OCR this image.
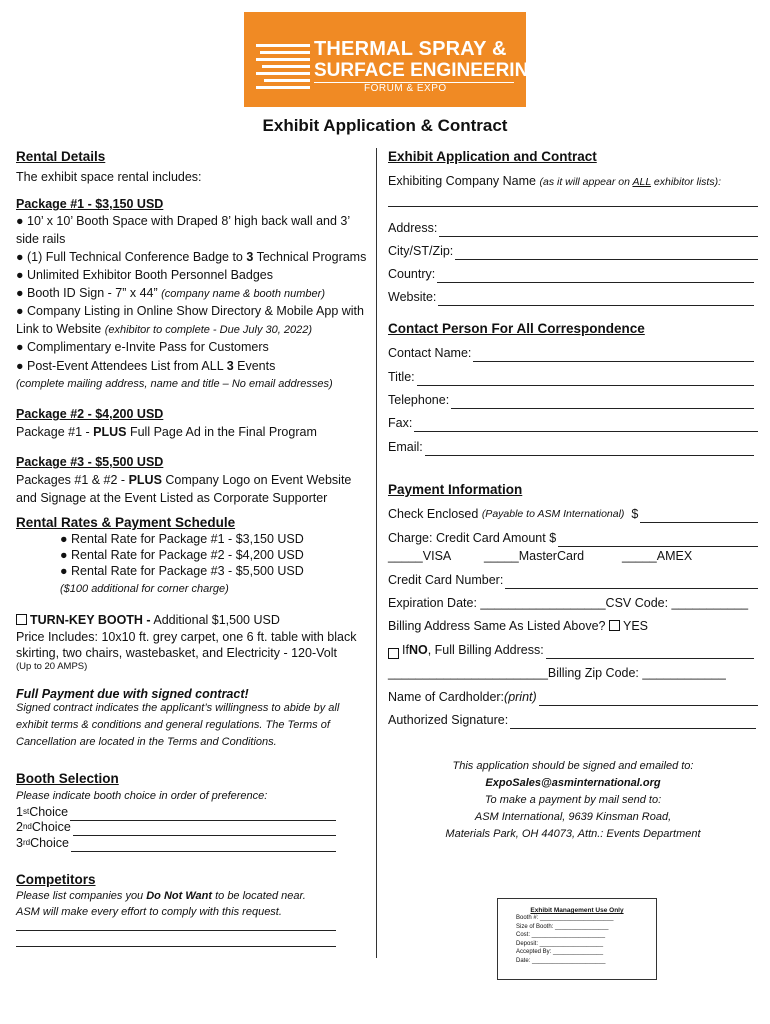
THERMAL SPRAY &
SURFACE ENGINEERING
FORUM & EXPO
Exhibit Application & Contract
Rental Details
The exhibit space rental includes:
Package #1 - $3,150 USD
● 10’ x 10’ Booth Space with Draped 8’ high back wall and 3’
side rails
● (1) Full Technical Conference Badge to 3 Technical Programs
● Unlimited Exhibitor Booth Personnel Badges
● Booth ID Sign - 7” x 44” (company name & booth number)
● Company Listing in Online Show Directory & Mobile App with
Link to Website (exhibitor to complete - Due July 30, 2022)
● Complimentary e-Invite Pass for Customers
● Post-Event Attendees List from ALL 3 Events
(complete mailing address, name and title – No email addresses)
Package #2 - $4,200 USD
Package #1 - PLUS Full Page Ad in the Final Program
Package #3 - $5,500 USD
Packages #1 & #2 - PLUS Company Logo on Event Website
and Signage at the Event Listed as Corporate Supporter
Rental Rates & Payment Schedule
● Rental Rate for Package #1 - $3,150 USD
● Rental Rate for Package #2 - $4,200 USD
● Rental Rate for Package #3 - $5,500 USD
($100 additional for corner charge)
TURN-KEY BOOTH - Additional $1,500 USD
Price Includes: 10x10 ft. grey carpet, one 6 ft. table with black
skirting, two chairs, wastebasket, and Electricity - 120-Volt
(Up to 20 AMPS)
Full Payment due with signed contract!
Signed contract indicates the applicant’s willingness to abide by all
exhibit terms & conditions and general regulations. The Terms of
Cancellation are located in the Terms and Conditions.
Booth Selection
Please indicate booth choice in order of preference:
1 st Choice
2 nd Choice
3 rd Choice
Competitors
Please list companies you Do Not Want to be located near.
ASM will make every effort to comply with this request.
Exhibit Application and Contract
Exhibiting Company Name (as it will appear on ALL exhibitor lists):
Address:
City/ST/Zip:
Country:
Website:
Contact Person For All Correspondence
Contact Name:
Title:
Telephone:
Fax:
Email:
Payment Information
Check Enclosed
(Payable to ASM International)
$
Charge: Credit Card Amount $
_____VISA	_____MasterCard	_____AMEX
Credit Card Number:
Expiration Date: __________________CSV Code: ___________
Billing Address Same As Listed Above? YES
If NO , Full Billing Address:
_______________________Billing Zip Code: ____________
Name of Cardholder: (print)
Authorized Signature:
This application should be signed and emailed to:
ExpoSales@asminternational.org
To make a payment by mail send to:
ASM International, 9639 Kinsman Road,
Materials Park, OH 44073, Attn.: Events Department
Exhibit Management Use Only
Booth #: ______________________
Size of Booth: ________________
Cost: ______________________
Deposit: ___________________
Accepted By: _______________
Date: ______________________
